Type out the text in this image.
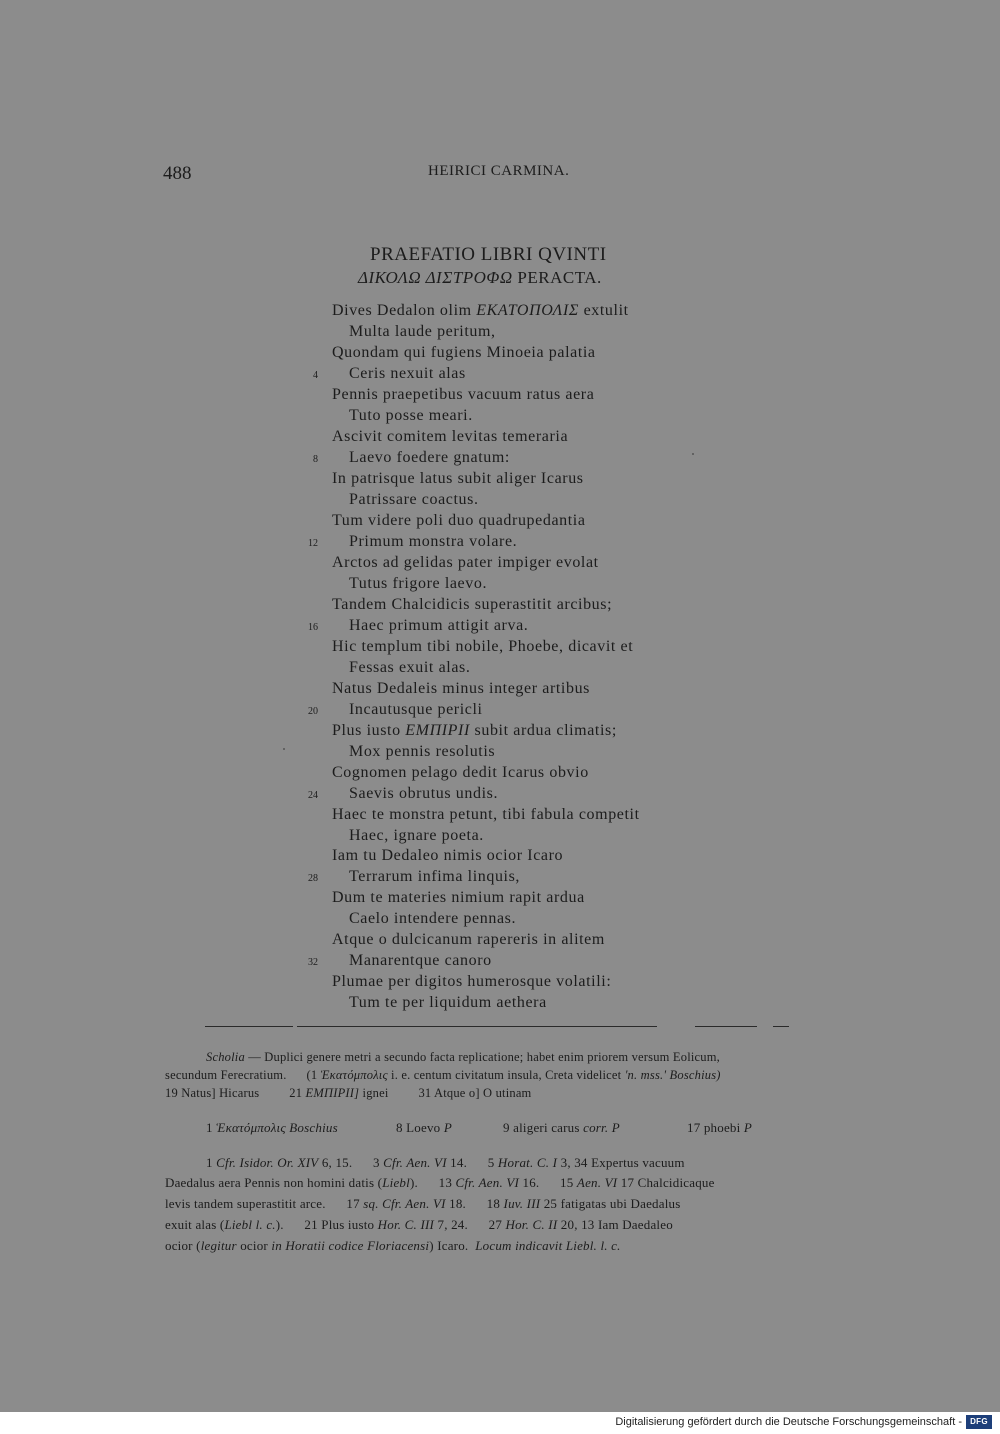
488	HEIRICI CARMINA.
PRAEFATIO LIBRI QVINTI
ΔΙΚΟΛΩ ΔΙΣΤΡΟΦΩ PERACTA.
Dives Dedalon olim ΕΚΑΤΟΠΟΛΙΣ extulit
Multa laude peritum,
Quondam qui fugiens Minoeia palatia
Ceris nexuit alas
4
Pennis praepetibus vacuum ratus aera
Tuto posse meari.
Ascivit comitem levitas temeraria
Laevo foedere gnatum:
8
In patrisque latus subit aliger Icarus
Patrissare coactus.
Tum videre poli duo quadrupedantia
Primum monstra volare.
12
Arctos ad gelidas pater impiger evolat
Tutus frigore laevo.
Tandem Chalcidicis superastitit arcibus;
Haec primum attigit arva.
16
Hic templum tibi nobile, Phoebe, dicavit et
Fessas exuit alas.
Natus Dedaleis minus integer artibus
Incautusque pericli
20
Plus iusto ΕΜΠΙΡΙΙ subit ardua climatis;
Mox pennis resolutis
Cognomen pelago dedit Icarus obvio
Saevis obrutus undis.
24
Haec te monstra petunt, tibi fabula competit
Haec, ignare poeta.
Iam tu Dedaleo nimis ocior Icaro
Terrarum infima linquis,
28
Dum te materies nimium rapit ardua
Caelo intendere pennas.
Atque o dulcicanum rapereris in alitem
Manarentque canoro
32
Plumae per digitos humerosque volatili:
Tum te per liquidum aethera
Scholia — Duplici genere metri a secundo facta replicatione; habet enim priorem versum Eolicum,
secundum Ferecratium. (1 Ἑκατόμπολις i. e. centum civitatum insula, Creta videlicet 'n. mss.' Boschius)
19 Natus] Hicarus 21 ΕΜΠΙΡΙΙ] ignei 31 Atque o] O utinam
1 Ἑκατόμπολις Boschius	8 Loevo P	9 aligeri carus corr. P	17 phoebi P
1 Cfr. Isidor. Or. XIV 6, 15.      3 Cfr. Aen. VI 14.      5 Horat. C. I 3, 34 Expertus vacuum
Daedalus aera Pennis non homini datis (Liebl).      13 Cfr. Aen. VI 16.      15 Aen. VI 17 Chalcidicaque
levis tandem superastitit arce.      17 sq. Cfr. Aen. VI 18.      18 Iuv. III 25 fatigatas ubi Daedalus
exuit alas (Liebl l. c.).      21 Plus iusto Hor. C. III 7, 24.      27 Hor. C. II 20, 13 Iam Daedaleo
ocior (legitur ocior in Horatii codice Floriacensi) Icaro.  Locum indicavit Liebl. l. c.
Digitalisierung gefördert durch die Deutsche Forschungsgemeinschaft -	DFG
